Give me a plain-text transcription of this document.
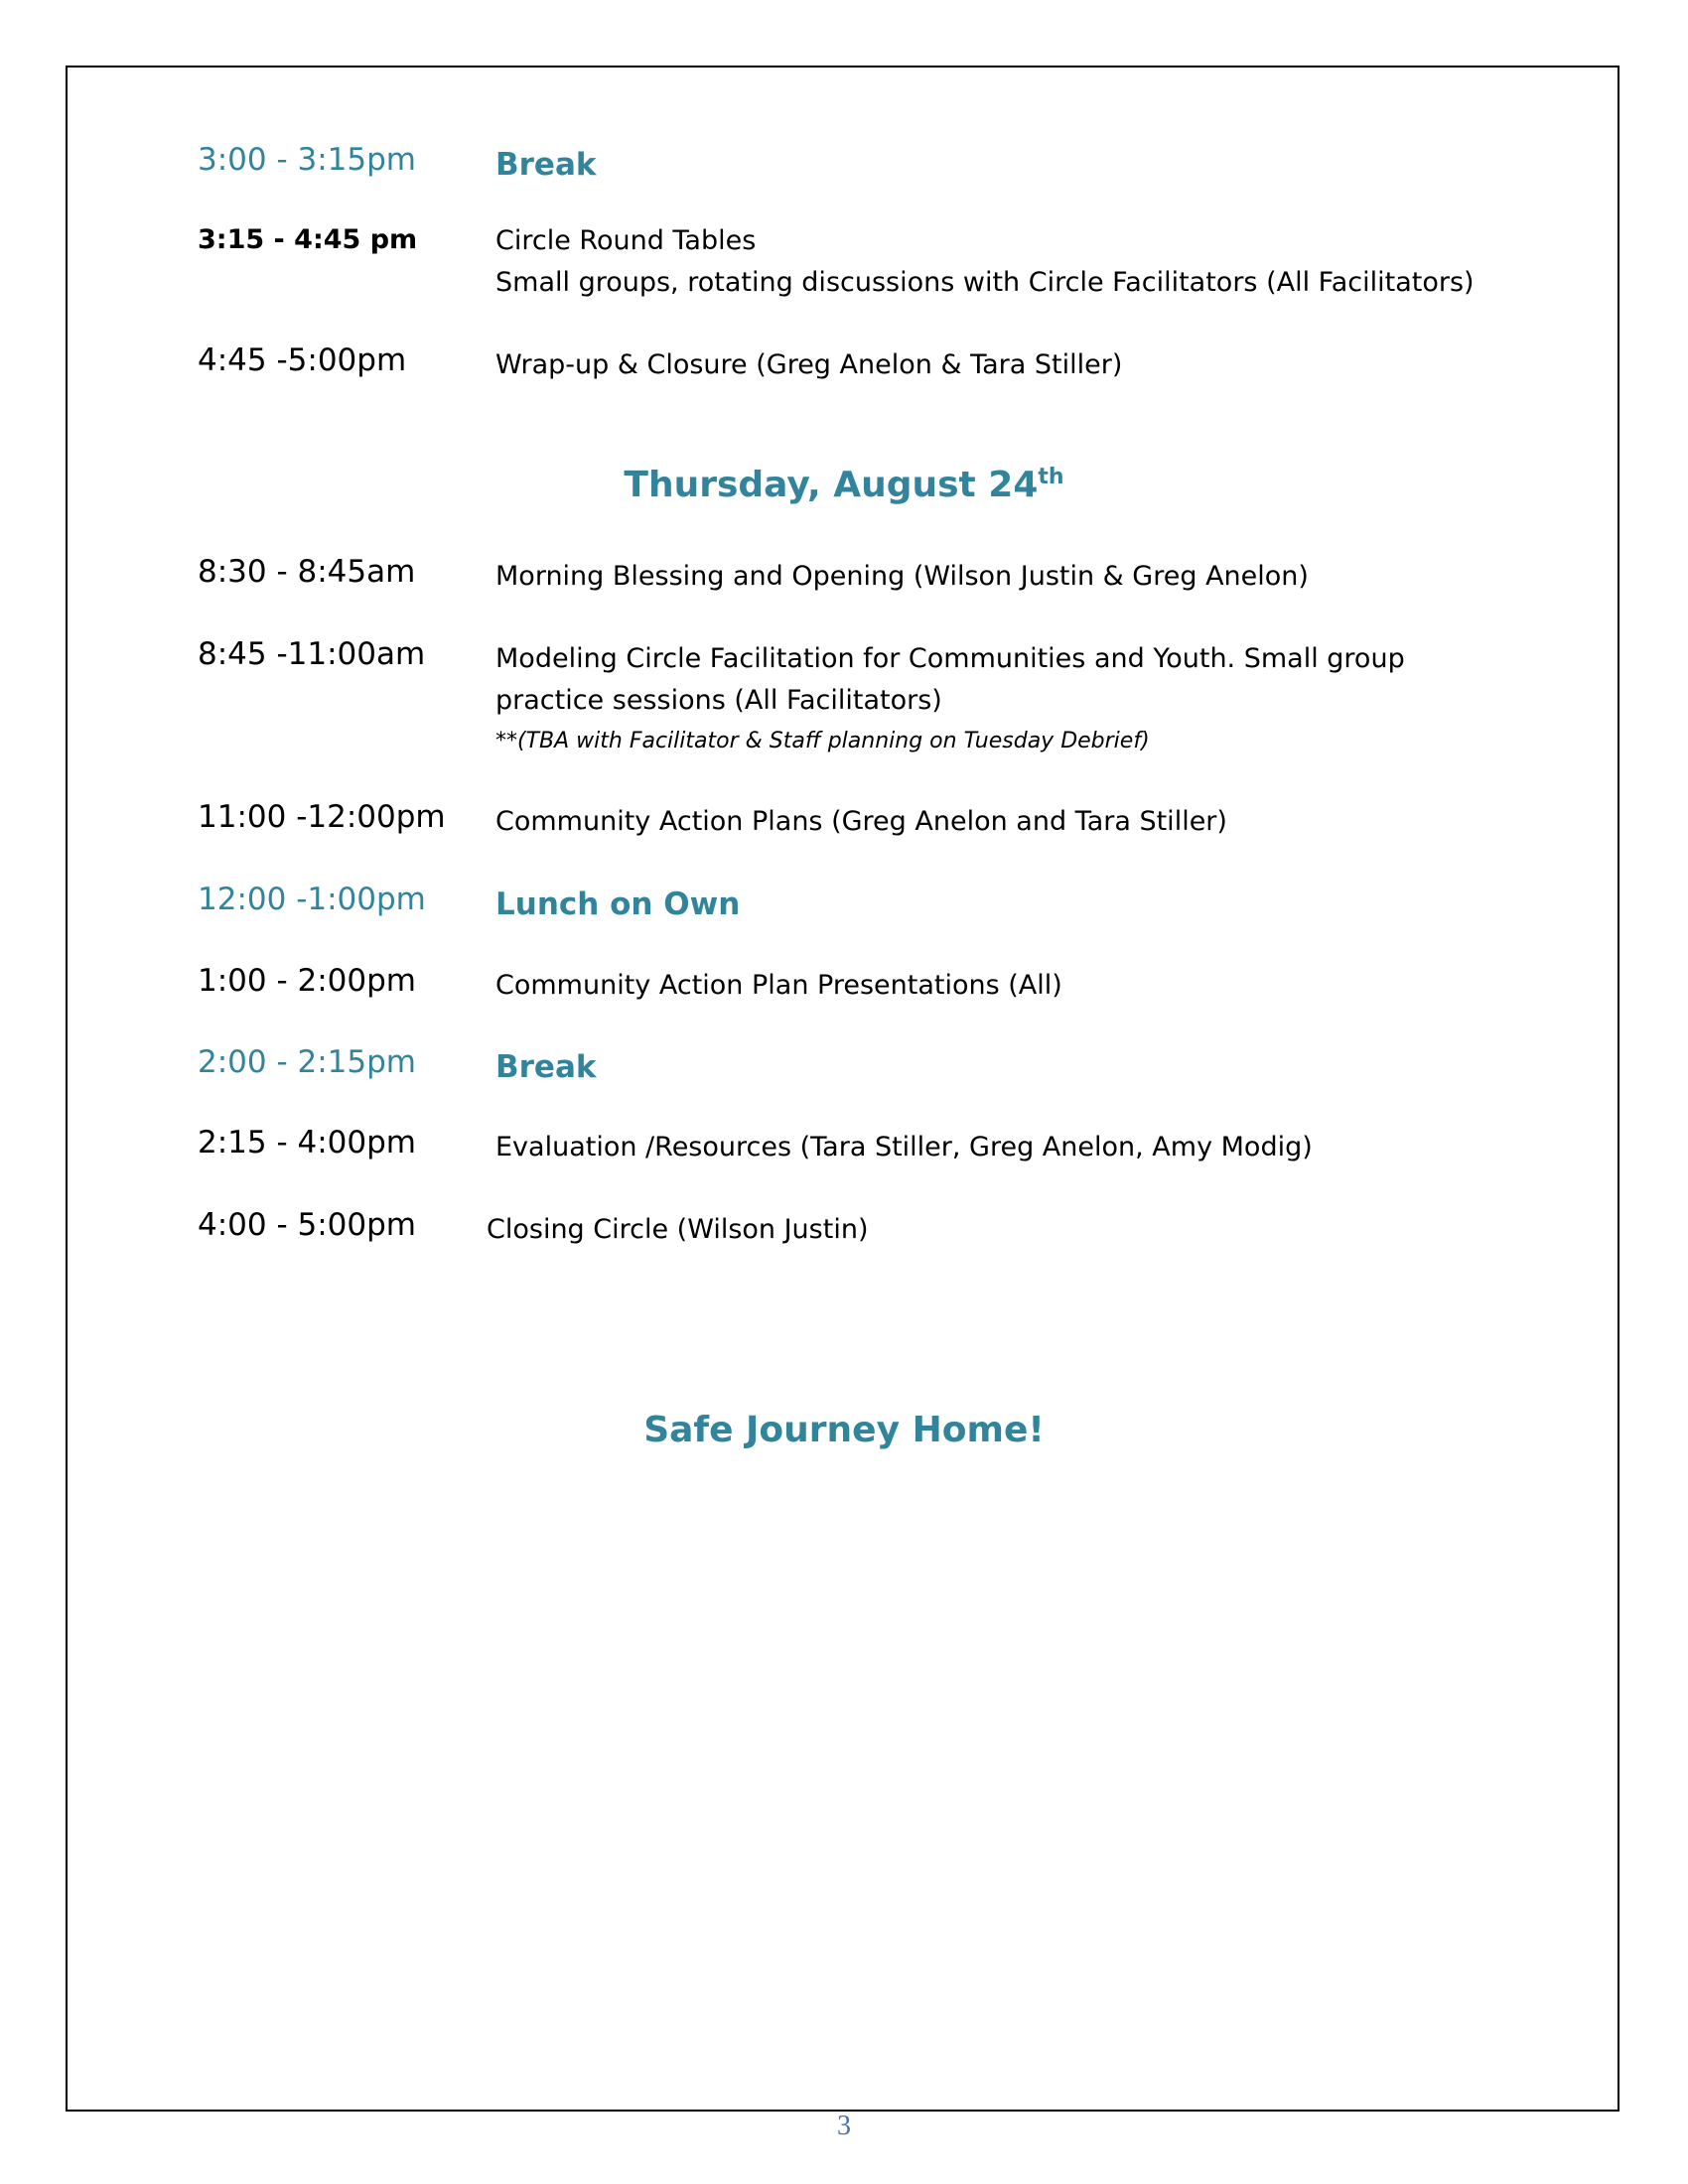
3:00 - 3:15pm	Break
3:15 - 4:45 pm	Circle Round Tables
Small groups, rotating discussions with Circle Facilitators (All Facilitators)
4:45 -5:00pm	Wrap-up & Closure (Greg Anelon & Tara Stiller)
Thursday, August 24th
8:30 - 8:45am	Morning Blessing and Opening (Wilson Justin & Greg Anelon)
8:45 -11:00am	Modeling Circle Facilitation for Communities and Youth. Small group
practice sessions (All Facilitators)
**(TBA with Facilitator & Staff planning on Tuesday Debrief)
11:00 -12:00pm Community Action Plans (Greg Anelon and Tara Stiller)
12:00 -1:00pm Lunch on Own
1:00 - 2:00pm	Community Action Plan Presentations (All)
2:00 - 2:15pm	Break
2:15 - 4:00pm	Evaluation /Resources (Tara Stiller, Greg Anelon, Amy Modig)
4:00 - 5:00pm	Closing Circle (Wilson Justin)
Safe Journey Home!
3
